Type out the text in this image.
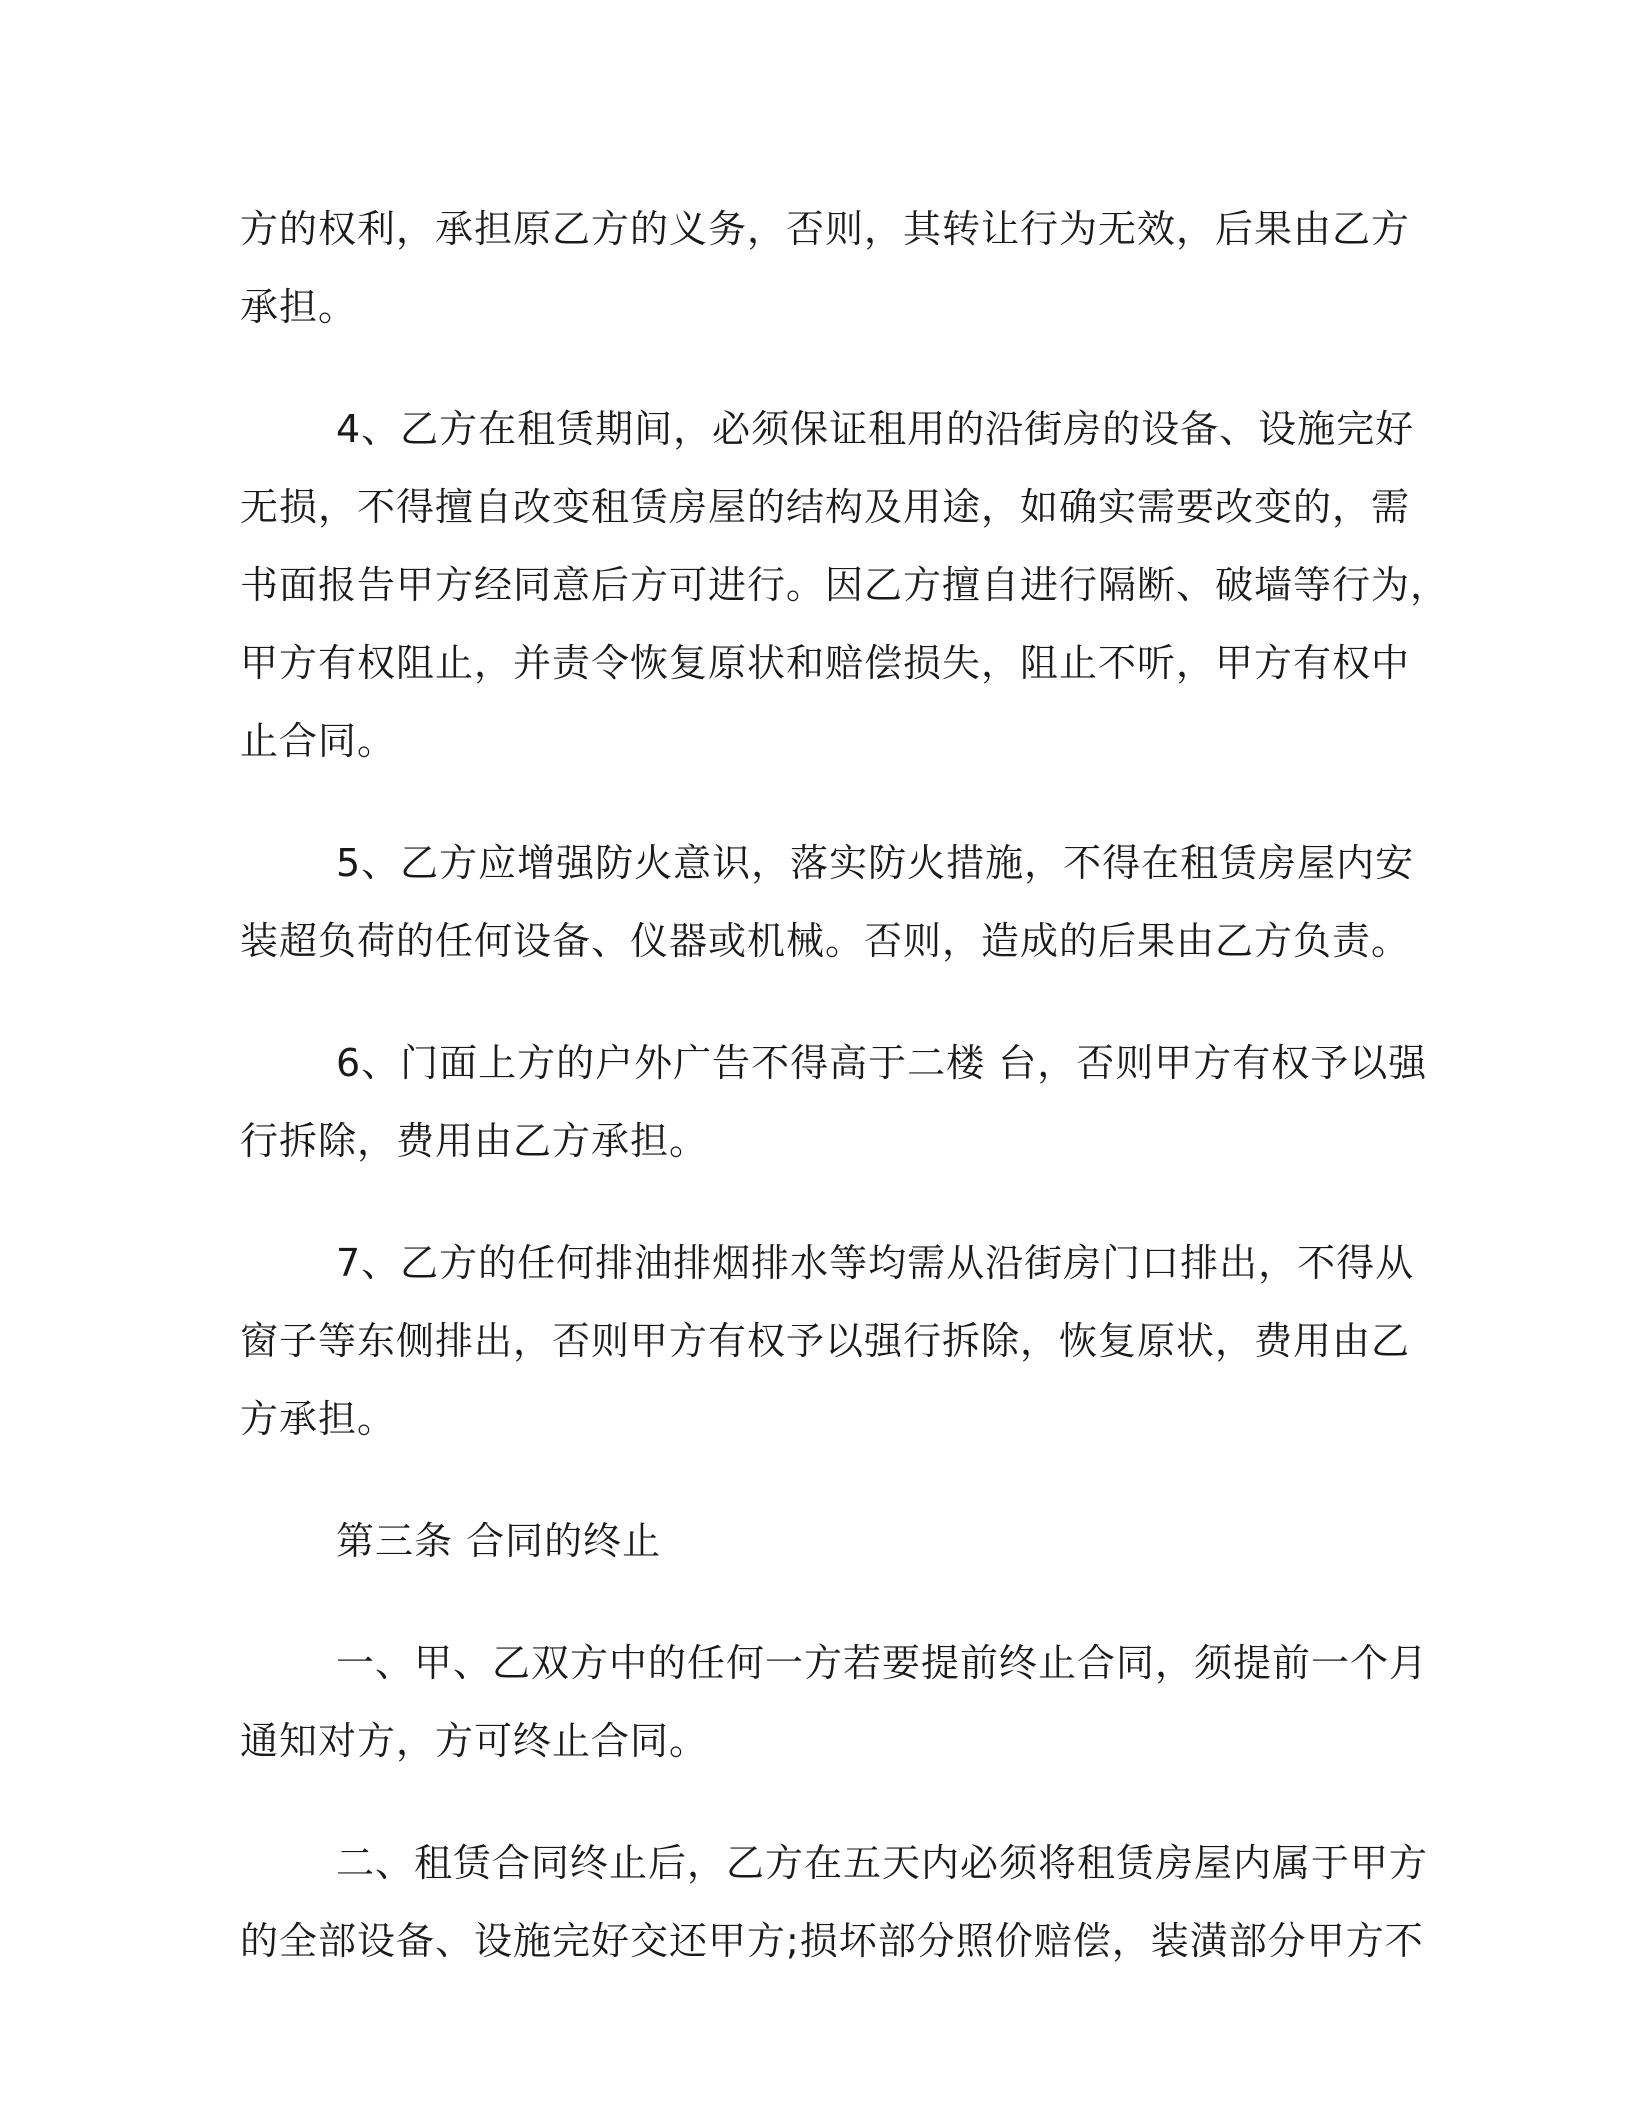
方的权利，承担原乙方的义务，否则，其转让行为无效，后果由乙方
承担。

4、乙方在租赁期间，必须保证租用的沿街房的设备、设施完好
无损，不得擅自改变租赁房屋的结构及用途，如确实需要改变的，需
书面报告甲方经同意后方可进行。因乙方擅自进行隔断、破墙等行为，
甲方有权阻止，并责令恢复原状和赔偿损失，阻止不听，甲方有权中
止合同。

5、乙方应增强防火意识，落实防火措施，不得在租赁房屋内安
装超负荷的任何设备、仪器或机械。否则，造成的后果由乙方负责。

6、门面上方的户外广告不得高于二楼 台，否则甲方有权予以强
行拆除，费用由乙方承担。

7、乙方的任何排油排烟排水等均需从沿街房门口排出，不得从
窗子等东侧排出，否则甲方有权予以强行拆除，恢复原状，费用由乙
方承担。

第三条 合同的终止

一、甲、乙双方中的任何一方若要提前终止合同，须提前一个月
通知对方，方可终止合同。

二、租赁合同终止后，乙方在五天内必须将租赁房屋内属于甲方
的全部设备、设施完好交还甲方;损坏部分照价赔偿，装潢部分甲方不
